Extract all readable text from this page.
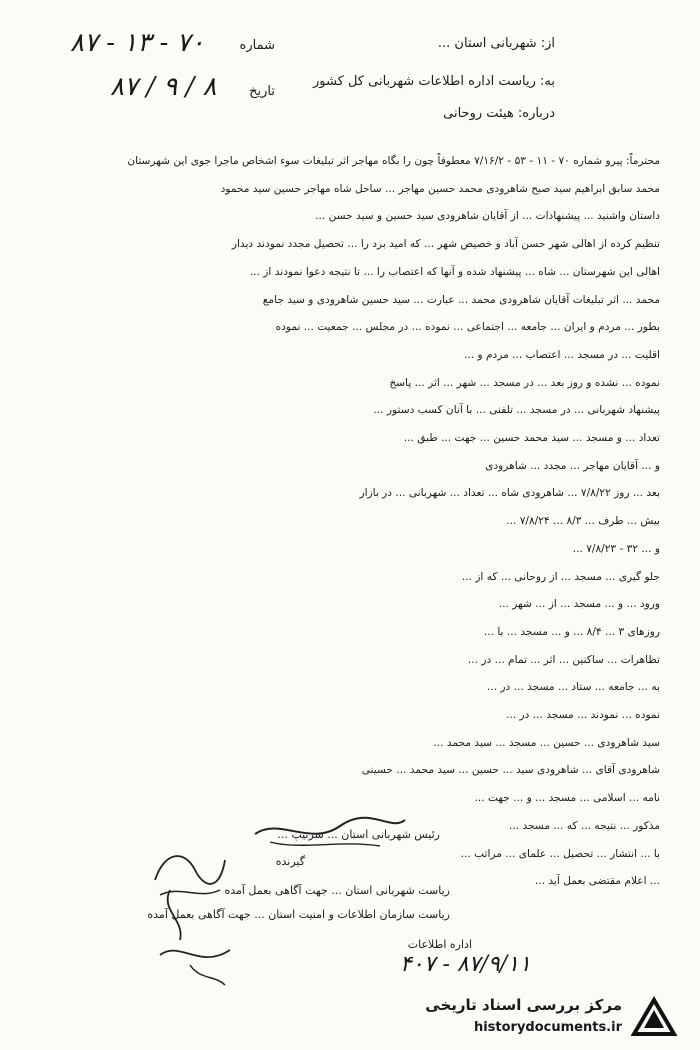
۸۷ - ۱۳ - ۷۰
۸۷ / ۹ / ۸
شماره
تاریخ
از: شهربانی استان ...
به: ریاست اداره اطلاعات شهربانی کل کشور
درباره: هیئت روحانی

محترماً: پیرو شماره ۷۰ - ۱۱ - ۵۳ - ۷/۱۶/۲ معطوفاً چون را بگاه مهاجر اثر تبلیغات سوء اشخاص ماجرا جوی این شهرستان

محمد سابق ابراهیم سید صبح شاهرودی محمد حسین مهاجر ... ساحل شاه مهاجر حسین سید محمود

داستان واشنید ... پیشنهادات ... از آقایان شاهرودی سید حسین و سید حسن ...

تنظیم کرده از اهالی شهر حسن آباد و خصیص شهر ... که امید برد را ... تحصیل مجدد نمودند دیدار

اهالی این شهرستان ... شاه ... پیشنهاد شده و آنها که اعتصاب را ... تا نتیجه دعوا نمودند از ...

محمد ... اثر تبلیغات آقایان شاهرودی محمد ... عبارت ... سید حسین شاهرودی و سید جامع

بطور ... مردم و ایران ... جامعه ... اجتماعی ... نموده ... در مجلس ... جمعیت ... نموده

اقلیت ... در مسجد ... اعتصاب ... مردم و ...

نموده ... نشده و روز بعد ... در مسجد ... شهر ... اثر ... پاسخ

پیشنهاد شهربانی ... در مسجد ... تلفنی ... با آنان کسب دستور ...

تعداد ... و مسجد ... سید محمد حسین ... جهت ... طبق ...

و ... آقایان مهاجر ... مجدد ... شاهرودی

بعد ... روز ۷/۸/۲۲ ... شاهرودی شاه ... تعداد ... شهربانی ... در بازار

بیش ... طرف ... ۸/۳ ... ۷/۸/۲۴ ...

و ... ۳۲ - ۷/۸/۲۳ ...

جلو گیری ... مسجد ... از روحانی ... که از ...

ورود ... و ... مسجد ... از ... شهر ...

روزهای ۳ ... ۸/۴ ... و ... مسجد ... با ...

تظاهرات ... ساکنین ... اثر ... تمام ... در ...

به ... جامعه ... ستاد ... مسجد ... در ...

نموده ... نمودند ... مسجد ... در ...

سید شاهرودی ... حسین ... مسجد ... سید محمد ...

شاهرودی آقای ... شاهرودی سید ... حسین ... سید محمد ... حسینی

نامه ... اسلامی ... مسجد ... و ... جهت ...

مذکور ... نتیجه ... که ... مسجد ...

با ... انتشار ... تحصیل ... علمای ... مراتب ...

... اعلام مقتضی بعمل آید ...

رئیس شهربانی استان ... سرتیپ ...
گیرنده
ریاست شهربانی استان ... جهت آگاهی بعمل آمده
ریاست سازمان اطلاعات و امنیت استان ... جهت آگاهی بعمل آمده
اداره اطلاعات
۴۰۷ - ۸۷/۹/۱۱
مرکز بررسی اسناد تاریخی
historydocuments.ir
